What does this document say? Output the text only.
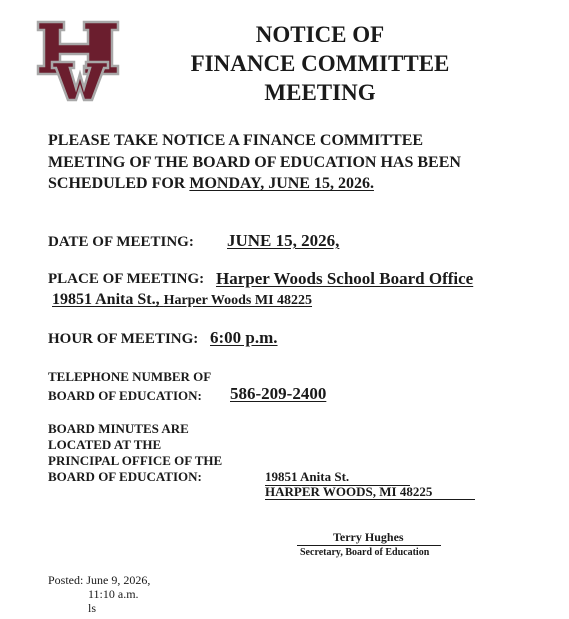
NOTICE OF
FINANCE COMMITTEE
MEETING
PLEASE TAKE NOTICE A FINANCE COMMITTEE
MEETING OF THE BOARD OF EDUCATION HAS BEEN
SCHEDULED FOR MONDAY, JUNE 15, 2026.
DATE OF MEETING: JUNE 15, 2026,
PLACE OF MEETING: Harper Woods School Board Office
19851 Anita St., Harper Woods MI 48225
HOUR OF MEETING: 6:00 p.m.
TELEPHONE NUMBER OF
BOARD OF EDUCATION:	586-209-2400
BOARD MINUTES ARE
LOCATED AT THE
PRINCIPAL OFFICE OF THE
BOARD OF EDUCATION:	19851 Anita St.
HARPER WOODS, MI 48225
Terry Hughes
Secretary, Board of Education
Posted: June 9, 2026,
11:10 a.m.
ls
